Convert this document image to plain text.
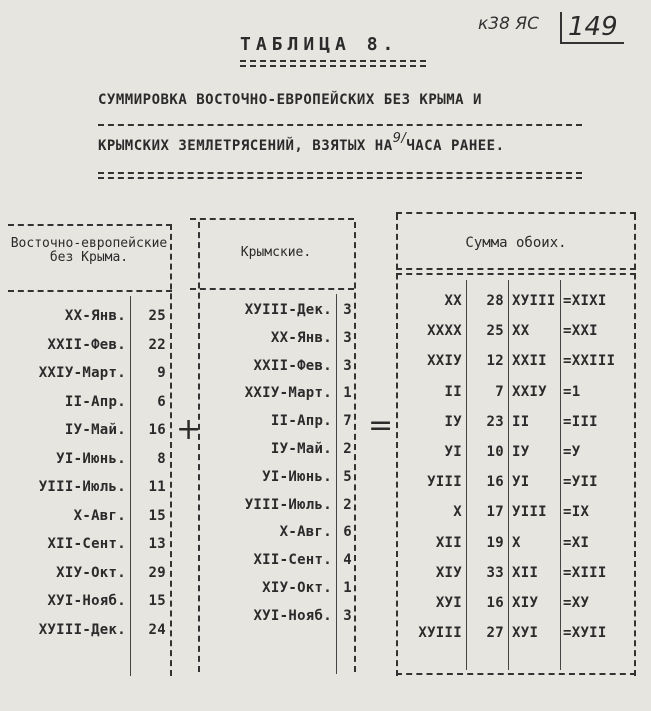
к38 ЯС	149
ТАБЛИЦА 8.
СУММИРОВКА ВОСТОЧНО-ЕВРОПЕЙСКИХ БЕЗ КРЫМА И
КРЫМСКИХ ЗЕМЛЕТРЯСЕНИЙ, ВЗЯТЫХ НА9/ЧАСА РАНЕЕ.
Восточно-европейские без Крыма.	Крымские.
+	=
Сумма обоих.
XX-Янв.	25
XXII-Фев.	22
XXIУ-Март.	9
II-Апр.	6
IУ-Май.	16
УI-Июнь.	8
УIII-Июль.	11
X-Авг.	15
XII-Сент.	13
XIУ-Окт.	29
XУI-Нояб.	15
XУIII-Дек.	24
XУIII-Дек. 3
XX-Янв. 3
XXII-Фев. 3
XXIУ-Март. 1
II-Апр. 7
IУ-Май. 2
УI-Июнь. 5
УIII-Июль. 2
X-Авг. 6
XII-Сент. 4
XIУ-Окт. 1
XУI-Нояб. 3
XX	28 XУIII =XIXI
XXXX	25 XX	=XXI
XXIУ	12 XXII	=XXIII
II	7 XXIУ	=1
IУ	23 II	=III
УI	10 IУ	=У
УIII	16 УI	=УII
X	17 УIII	=IX
XII	19 X	=XI
XIУ	33 XII	=XIII
XУI	16 XIУ	=XУ
XУIII	27 XУI	=XУII
